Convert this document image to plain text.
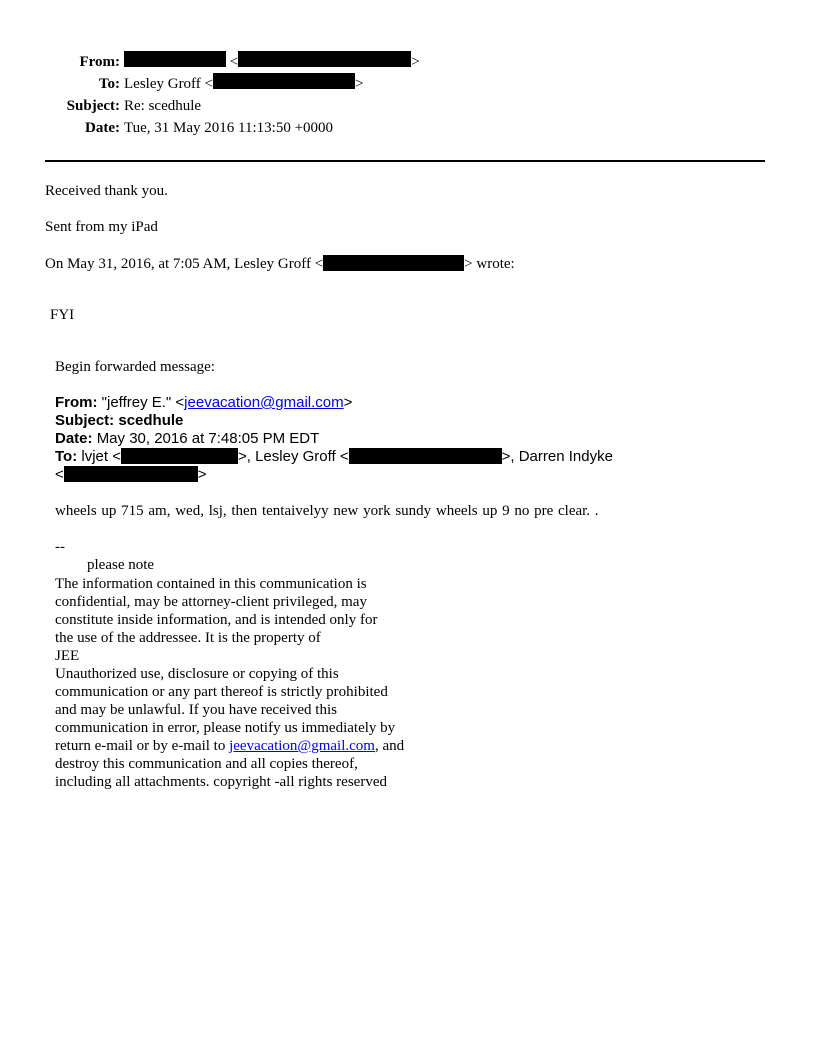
From:	<	>
To: Lesley Groff <	>
Subject: Re: scedhule
Date: Tue, 31 May 2016 11:13:50 +0000
Received thank you.
Sent from my iPad
On May 31, 2016, at 7:05 AM, Lesley Groff <	> wrote:
FYI
Begin forwarded message:
From: "jeffrey E." <jeevacation@gmail.com>
Subject: scedhule
Date: May 30, 2016 at 7:48:05 PM EDT
To: lvjet <	>, Lesley Groff <	>, Darren Indyke
<	>
wheels up 715 am, wed, lsj, then tentaivelyy new york sundy wheels up 9 no pre clear. .
--
please note
The information contained in this communication is
confidential, may be attorney-client privileged, may
constitute inside information, and is intended only for
the use of the addressee. It is the property of
JEE
Unauthorized use, disclosure or copying of this
communication or any part thereof is strictly prohibited
and may be unlawful. If you have received this
communication in error, please notify us immediately by
return e-mail or by e-mail to jeevacation@gmail.com, and
destroy this communication and all copies thereof,
including all attachments. copyright -all rights reserved
